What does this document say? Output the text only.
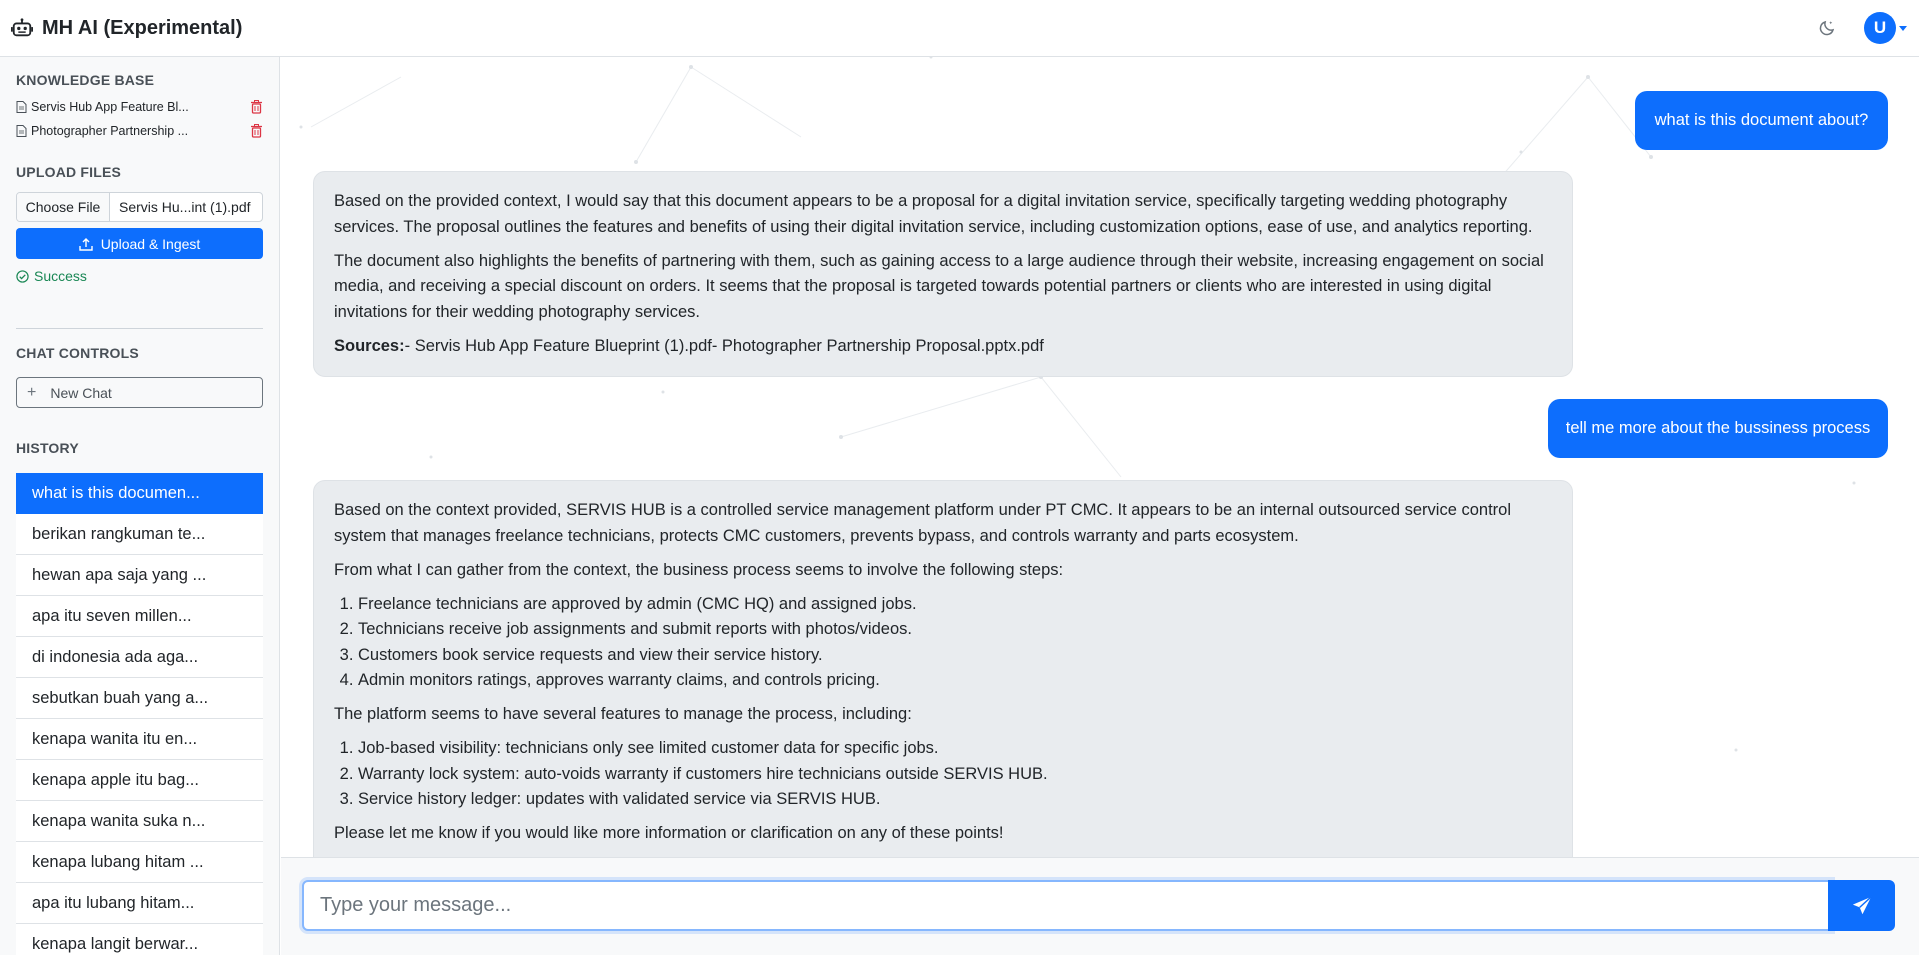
MH AI (Experimental)	U
KNOWLEDGE BASE
Servis Hub App Feature Bl...
Photographer Partnership ...
UPLOAD FILES
Choose File	Servis Hu...int (1).pdf
Upload & Ingest
Success
CHAT CONTROLS
+ New Chat
HISTORY
what is this documen...
berikan rangkuman te...
hewan apa saja yang ...
apa itu seven millen...
di indonesia ada aga...
sebutkan buah yang a...
kenapa wanita itu en...
kenapa apple itu bag...
kenapa wanita suka n...
kenapa lubang hitam ...
apa itu lubang hitam...
kenapa langit berwar...
what is this document about?

Based on the provided context, I would say that this document appears to be a proposal for a digital invitation service, specifically targeting wedding photography services. The proposal outlines the features and benefits of using their digital invitation service, including customization options, ease of use, and analytics reporting.

The document also highlights the benefits of partnering with them, such as gaining access to a large audience through their website, increasing engagement on social media, and receiving a special discount on orders. It seems that the proposal is targeted towards potential partners or clients who are interested in using digital invitations for their wedding photography services.

Sources:- Servis Hub App Feature Blueprint (1).pdf- Photographer Partnership Proposal.pptx.pdf

tell me more about the bussiness process

Based on the context provided, SERVIS HUB is a controlled service management platform under PT CMC. It appears to be an internal outsourced service control system that manages freelance technicians, protects CMC customers, prevents bypass, and controls warranty and parts ecosystem.

From what I can gather from the context, the business process seems to involve the following steps:

1. Freelance technicians are approved by admin (CMC HQ) and assigned jobs.
2. Technicians receive job assignments and submit reports with photos/videos.
3. Customers book service requests and view their service history.
4. Admin monitors ratings, approves warranty claims, and controls pricing.

The platform seems to have several features to manage the process, including:

1. Job-based visibility: technicians only see limited customer data for specific jobs.
2. Warranty lock system: auto-voids warranty if customers hire technicians outside SERVIS HUB.
3. Service history ledger: updates with validated service via SERVIS HUB.

Please let me know if you would like more information or clarification on any of these points!

Type your message...
